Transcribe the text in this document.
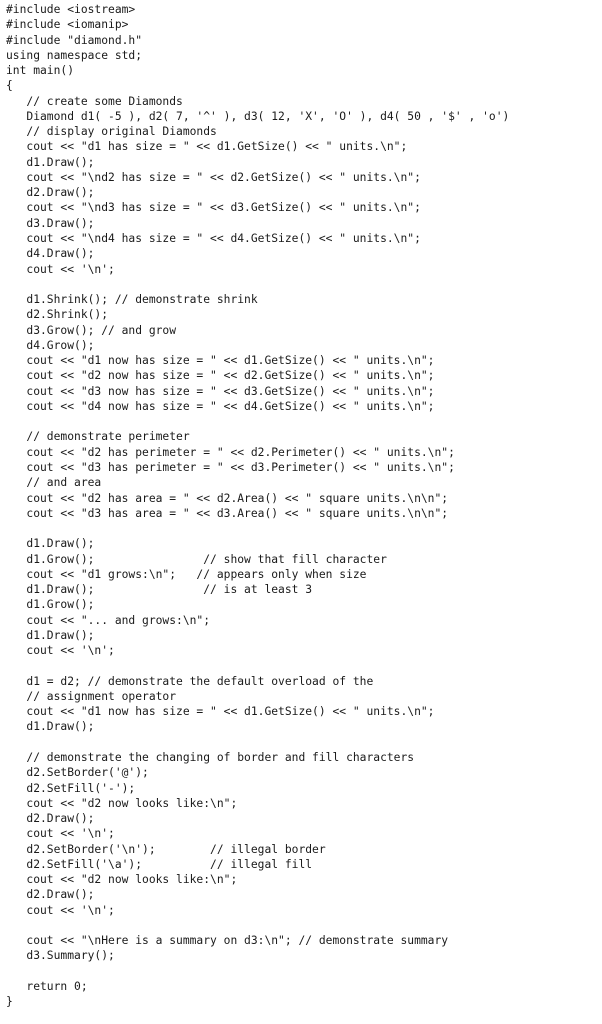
#include <iostream>
#include <iomanip>
#include "diamond.h"
using namespace std;
int main()
{
// create some Diamonds
Diamond d1( -5 ), d2( 7, '^' ), d3( 12, 'X', 'O' ), d4( 50 , '$' , 'o')
// display original Diamonds
cout << "d1 has size = " << d1.GetSize() << " units.\n";
d1.Draw();
cout << "\nd2 has size = " << d2.GetSize() << " units.\n";
d2.Draw();
cout << "\nd3 has size = " << d3.GetSize() << " units.\n";
d3.Draw();
cout << "\nd4 has size = " << d4.GetSize() << " units.\n";
d4.Draw();
cout << '\n';
d1.Shrink(); // demonstrate shrink
d2.Shrink();
d3.Grow(); // and grow
d4.Grow();
cout << "d1 now has size = " << d1.GetSize() << " units.\n";
cout << "d2 now has size = " << d2.GetSize() << " units.\n";
cout << "d3 now has size = " << d3.GetSize() << " units.\n";
cout << "d4 now has size = " << d4.GetSize() << " units.\n";
// demonstrate perimeter
cout << "d2 has perimeter = " << d2.Perimeter() << " units.\n";
cout << "d3 has perimeter = " << d3.Perimeter() << " units.\n";
// and area
cout << "d2 has area = " << d2.Area() << " square units.\n\n";
cout << "d3 has area = " << d3.Area() << " square units.\n\n";
d1.Draw();
d1.Grow();                // show that fill character
cout << "d1 grows:\n";   // appears only when size
d1.Draw();                // is at least 3
d1.Grow();
cout << "... and grows:\n";
d1.Draw();
cout << '\n';
d1 = d2; // demonstrate the default overload of the
// assignment operator
cout << "d1 now has size = " << d1.GetSize() << " units.\n";
d1.Draw();
// demonstrate the changing of border and fill characters
d2.SetBorder('@');
d2.SetFill('-');
cout << "d2 now looks like:\n";
d2.Draw();
cout << '\n';
d2.SetBorder('\n');        // illegal border
d2.SetFill('\a');          // illegal fill
cout << "d2 now looks like:\n";
d2.Draw();
cout << '\n';
cout << "\nHere is a summary on d3:\n"; // demonstrate summary
d3.Summary();
return 0;
}
